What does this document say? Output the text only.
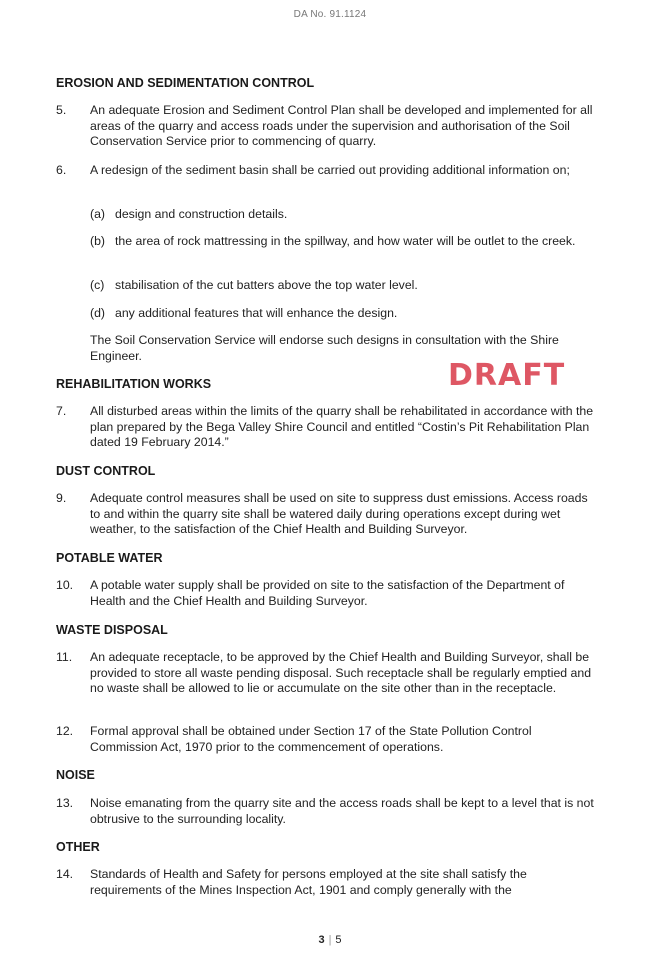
DA No. 91.1124
EROSION AND SEDIMENTATION CONTROL
5. An adequate Erosion and Sediment Control Plan shall be developed and implemented for all areas of the quarry and access roads under the supervision and authorisation of the Soil Conservation Service prior to commencing of quarry.
6. A redesign of the sediment basin shall be carried out providing additional information on;
(a) design and construction details.
(b) the area of rock mattressing in the spillway, and how water will be outlet to the creek.
(c) stabilisation of the cut batters above the top water level.
(d) any additional features that will enhance the design.
The Soil Conservation Service will endorse such designs in consultation with the Shire Engineer.
DRAFT
REHABILITATION WORKS
7. All disturbed areas within the limits of the quarry shall be rehabilitated in accordance with the plan prepared by the Bega Valley Shire Council and entitled “Costin’s Pit Rehabilitation Plan dated 19 February 2014.”
DUST CONTROL
9. Adequate control measures shall be used on site to suppress dust emissions. Access roads to and within the quarry site shall be watered daily during operations except during wet weather, to the satisfaction of the Chief Health and Building Surveyor.
POTABLE WATER
10. A potable water supply shall be provided on site to the satisfaction of the Department of Health and the Chief Health and Building Surveyor.
WASTE DISPOSAL
11. An adequate receptacle, to be approved by the Chief Health and Building Surveyor, shall be provided to store all waste pending disposal. Such receptacle shall be regularly emptied and no waste shall be allowed to lie or accumulate on the site other than in the receptacle.
12. Formal approval shall be obtained under Section 17 of the State Pollution Control Commission Act, 1970 prior to the commencement of operations.
NOISE
13. Noise emanating from the quarry site and the access roads shall be kept to a level that is not obtrusive to the surrounding locality.
OTHER
14. Standards of Health and Safety for persons employed at the site shall satisfy the requirements of the Mines Inspection Act, 1901 and comply generally with the
3 | 5
